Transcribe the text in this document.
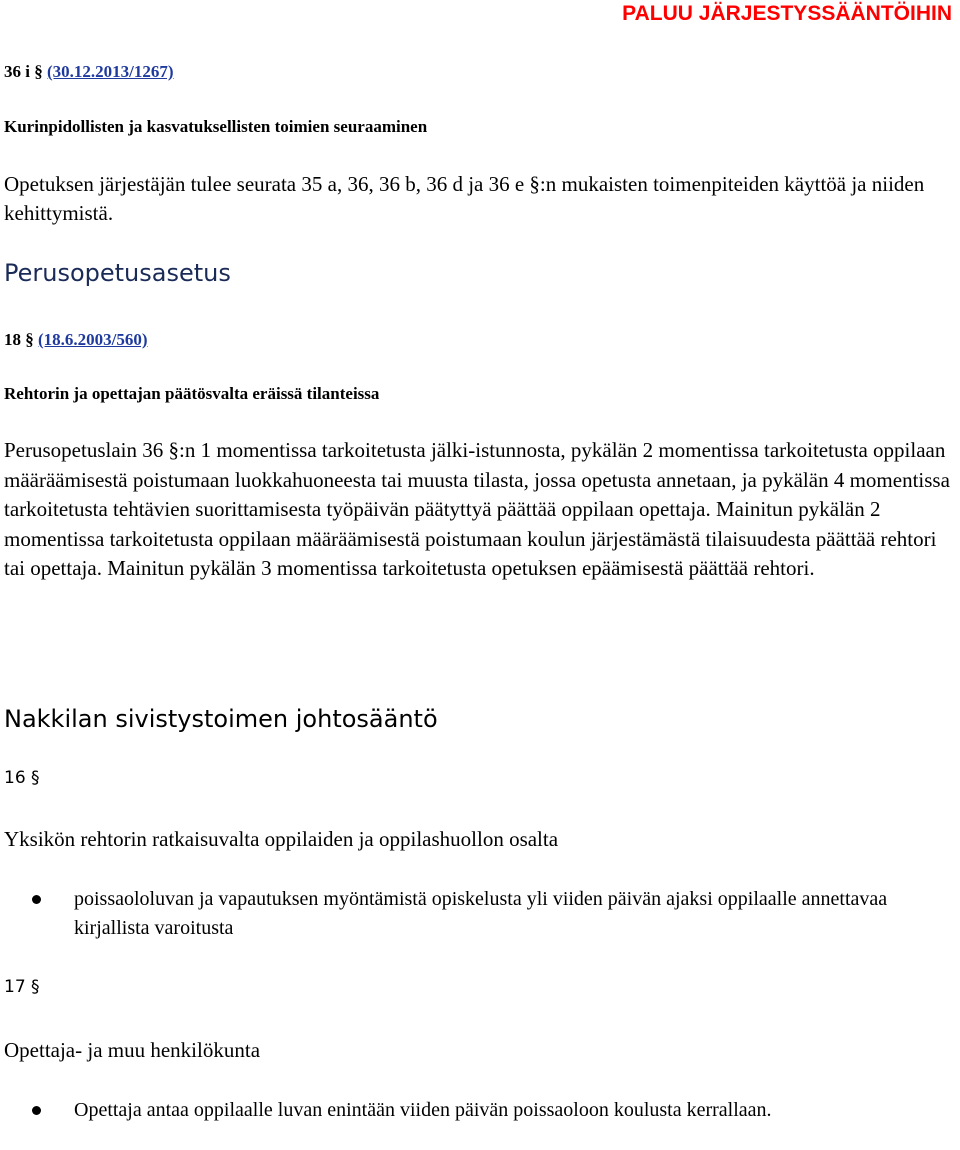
PALUU JÄRJESTYSSÄÄNTÖIHIN

36 i § (30.12.2013/1267)

Kurinpidollisten ja kasvatuksellisten toimien seuraaminen

Opetuksen järjestäjän tulee seurata 35 a, 36, 36 b, 36 d ja 36 e §:n mukaisten toimenpiteiden käyttöä ja niiden kehittymistä.

Perusopetusasetus

18 § (18.6.2003/560)

Rehtorin ja opettajan päätösvalta eräissä tilanteissa

Perusopetuslain 36 §:n 1 momentissa tarkoitetusta jälki-istunnosta, pykälän 2 momentissa tarkoitetusta oppilaan määräämisestä poistumaan luokkahuoneesta tai muusta tilasta, jossa opetusta annetaan, ja pykälän 4 momentissa tarkoitetusta tehtävien suorittamisesta työpäivän päätyttyä päättää oppilaan opettaja. Mainitun pykälän 2 momentissa tarkoitetusta oppilaan määräämisestä poistumaan koulun järjestämästä tilaisuudesta päättää rehtori tai opettaja. Mainitun pykälän 3 momentissa tarkoitetusta opetuksen epäämisestä päättää rehtori.

Nakkilan sivistystoimen johtosääntö

16 §

Yksikön rehtorin ratkaisuvalta oppilaiden ja oppilashuollon osalta

poissaololuvan ja vapautuksen myöntämistä opiskelusta yli viiden päivän ajaksi oppilaalle annettavaa kirjallista varoitusta

17 §

Opettaja- ja muu henkilökunta

Opettaja antaa oppilaalle luvan enintään viiden päivän poissaoloon koulusta kerrallaan.
